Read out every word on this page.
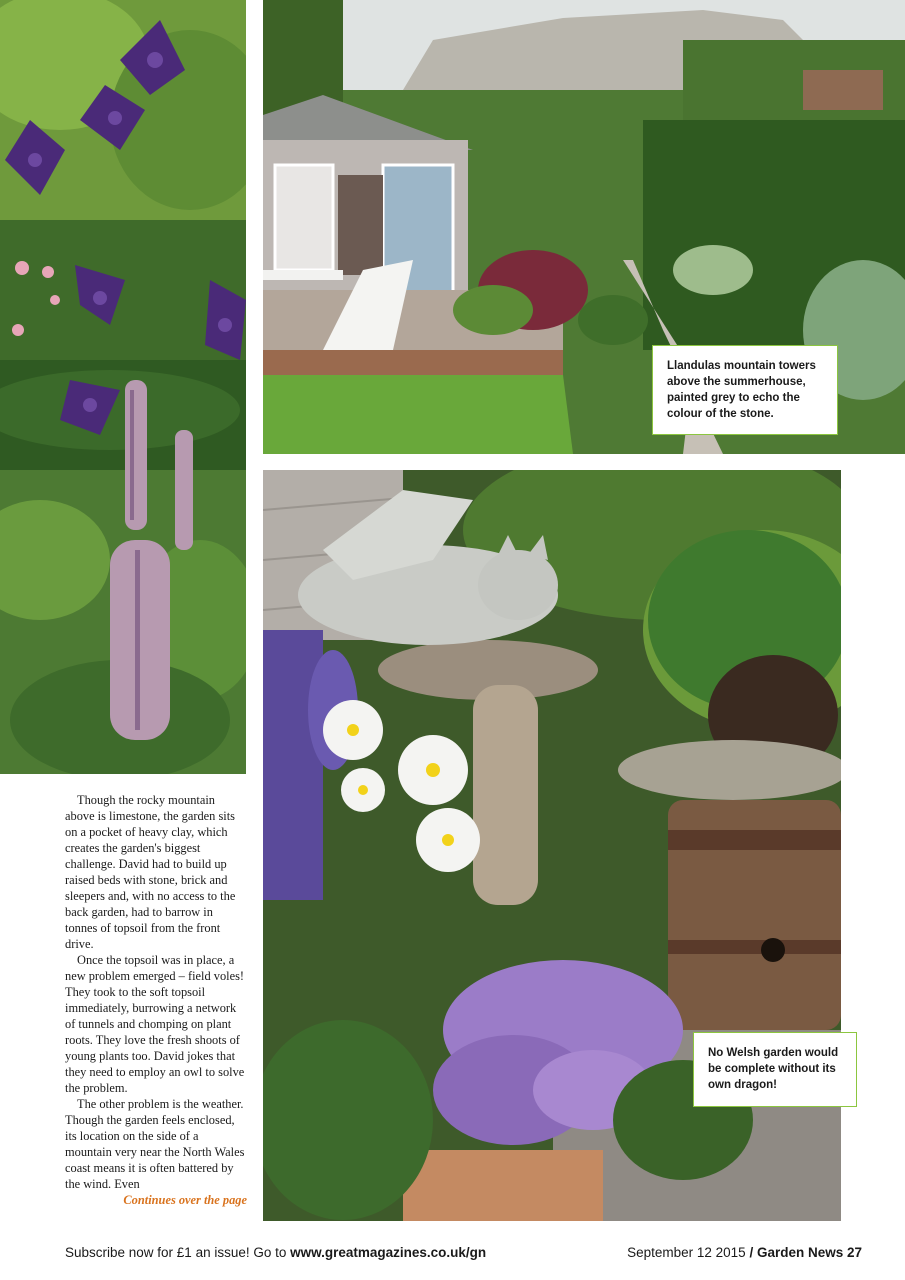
Llandulas mountain towers above the summerhouse, painted grey to echo the colour of the stone.
No Welsh garden would be complete without its own dragon!

Though the rocky mountain above is limestone, the garden sits on a pocket of heavy clay, which creates the garden's biggest challenge. David had to build up raised beds with stone, brick and sleepers and, with no access to the back garden, had to barrow in tonnes of topsoil from the front drive.

Once the topsoil was in place, a new problem emerged – field voles! They took to the soft topsoil immediately, burrowing a network of tunnels and chomping on plant roots. They love the fresh shoots of young plants too. David jokes that they need to employ an owl to solve the problem.

The other problem is the weather. Though the garden feels enclosed, its location on the side of a mountain very near the North Wales coast means it is often battered by the wind. Even

Continues over the page

Subscribe now for £1 an issue! Go to www.greatmagazines.co.uk/gn	September 12 2015 / Garden News 27
